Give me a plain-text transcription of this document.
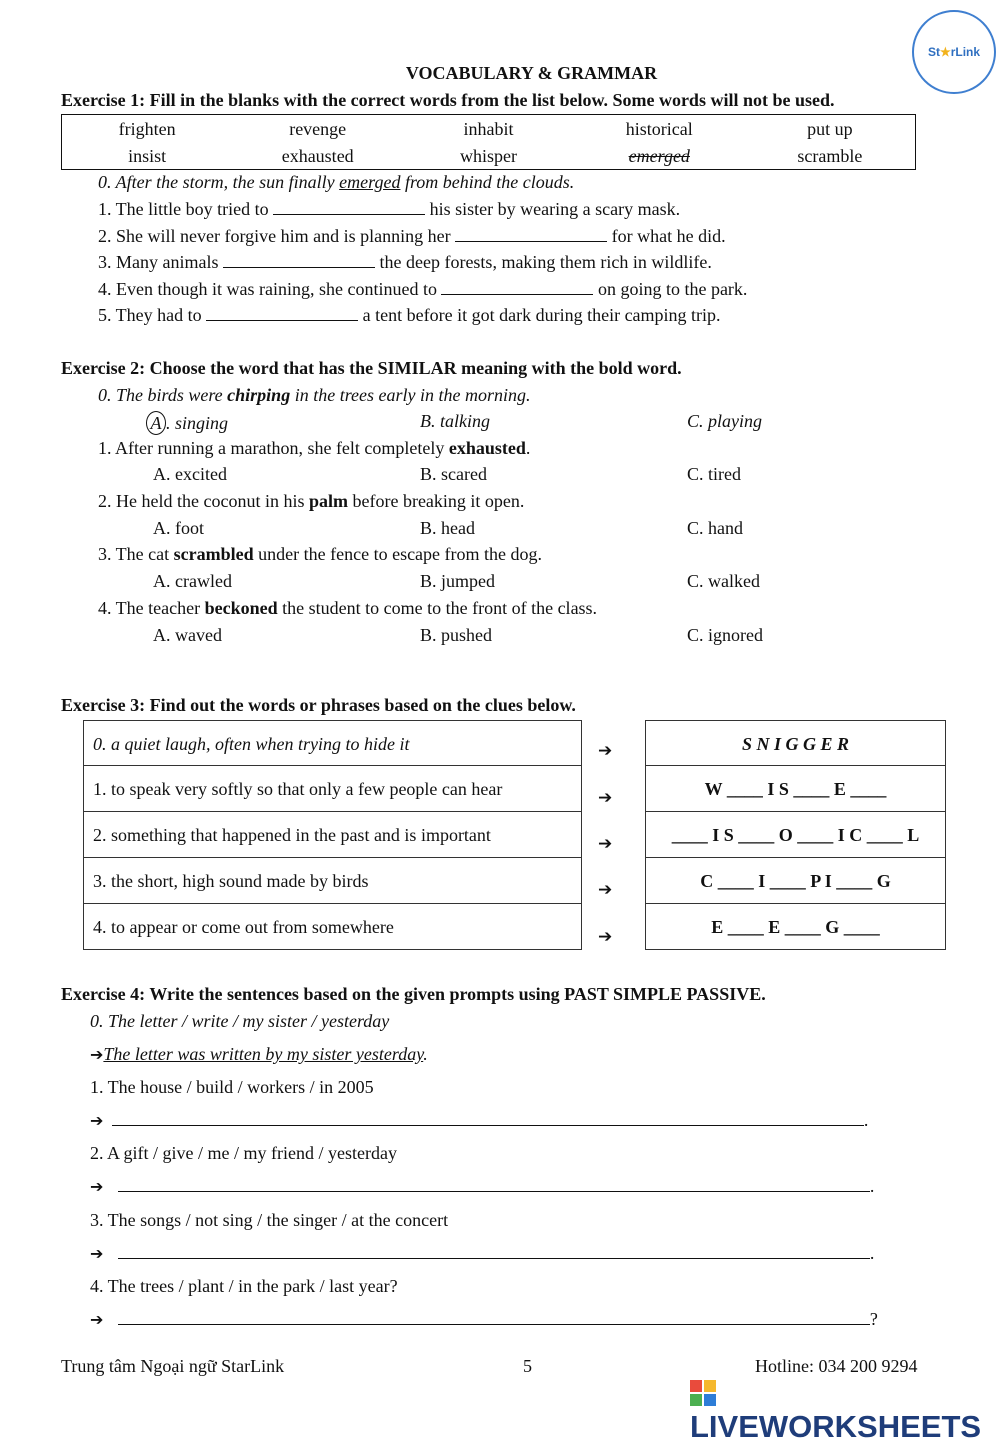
St ★ rLink
VOCABULARY & GRAMMAR
Exercise 1: Fill in the blanks with the correct words from the list below. Some words will not be used.
frighten	revenge	inhabit	historical	put up
insist	exhausted	whisper	emerged	scramble
0. After the storm, the sun finally emerged from behind the clouds.
1. The little boy tried to	his sister by wearing a scary mask.
2. She will never forgive him and is planning her	for what he did.
3. Many animals	the deep forests, making them rich in wildlife.
4. Even though it was raining, she continued to	on going to the park.
5. They had to	a tent before it got dark during their camping trip.
Exercise 2: Choose the word that has the SIMILAR meaning with the bold word.
0. The birds were chirping in the trees early in the morning.
A . singing	B. talking	C. playing
1. After running a marathon, she felt completely exhausted.
A. excited	B. scared	C. tired
2. He held the coconut in his palm before breaking it open.
A. foot	B. head	C. hand
3. The cat scrambled under the fence to escape from the dog.
A. crawled	B. jumped	C. walked
4. The teacher beckoned the student to come to the front of the class.
A. waved	B. pushed	C. ignored
Exercise 3: Find out the words or phrases based on the clues below.
0. a quiet laugh, often when trying to hide it	➔	S N I G G E R
1. to speak very softly so that only a few people can hear	➔	W ____ I S ____ E ____
2. something that happened in the past and is important	➔	____ I S ____ O ____ I C ____ L
3. the short, high sound made by birds	➔	C ____ I ____ P I ____ G
4. to appear or come out from somewhere	➔	E ____ E ____ G ____
Exercise 4: Write the sentences based on the given prompts using PAST SIMPLE PASSIVE.
0. The letter / write / my sister / yesterday
➔The letter was written by my sister yesterday.
1. The house / build / workers / in 2005
➔	.
2. A gift / give / me / my friend / yesterday
➔	.
3. The songs / not sing / the singer / at the concert
➔	.
4. The trees / plant / in the park / last year?
➔	?
Trung tâm Ngoại ngữ StarLink	5	Hotline: 034 200 9294
LIVEWORKSHEETS
